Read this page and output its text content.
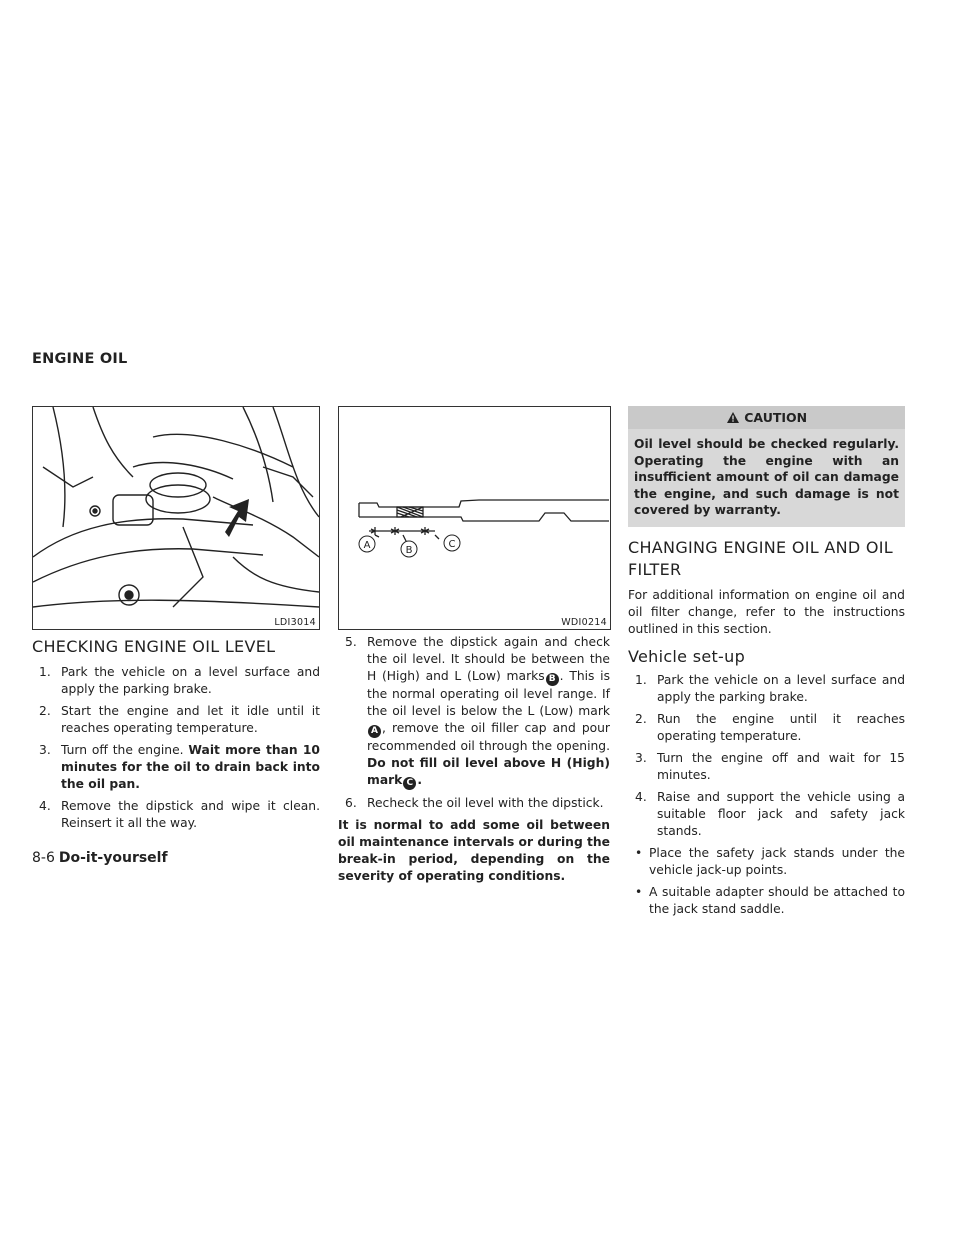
ENGINE OIL
LDI3014
A	B
C
WDI0214

CHECKING ENGINE OIL LEVEL

1. Park the vehicle on a level surface and apply the parking brake.
2. Start the engine and let it idle until it reaches operating temperature.
3. Turn off the engine. Wait more than 10 minutes for the oil to drain back into the oil pan.
4. Remove the dipstick and wipe it clean. Reinsert it all the way.
5. Remove the dipstick again and check the oil level. It should be between the H (High) and L (Low) marks B . This is the normal operating oil level range. If the oil level is below the L (Low) markA , remove the oil filler cap and pour recommended oil through the opening. Do not fill oil level above H (High) mark C .
6. Recheck the oil level with the dipstick.

It is normal to add some oil between oil maintenance intervals or during the break-in period, depending on the severity of operating conditions.

CAUTION
Oil level should be checked regularly. Operating the engine with an insufficient amount of oil can damage the engine, and such damage is not covered by warranty.

CHANGING ENGINE OIL AND OIL FILTER

For additional information on engine oil and oil filter change, refer to the instructions outlined in this section.

Vehicle set-up

1. Park the vehicle on a level surface and apply the parking brake.
2. Run the engine until it reaches operating temperature.
3. Turn the engine off and wait for 15 minutes.
4. Raise and support the vehicle using a suitable floor jack and safety jack stands.
• Place the safety jack stands under the vehicle jack-up points.
• A suitable adapter should be attached to the jack stand saddle.
8-6 Do-it-yourself
